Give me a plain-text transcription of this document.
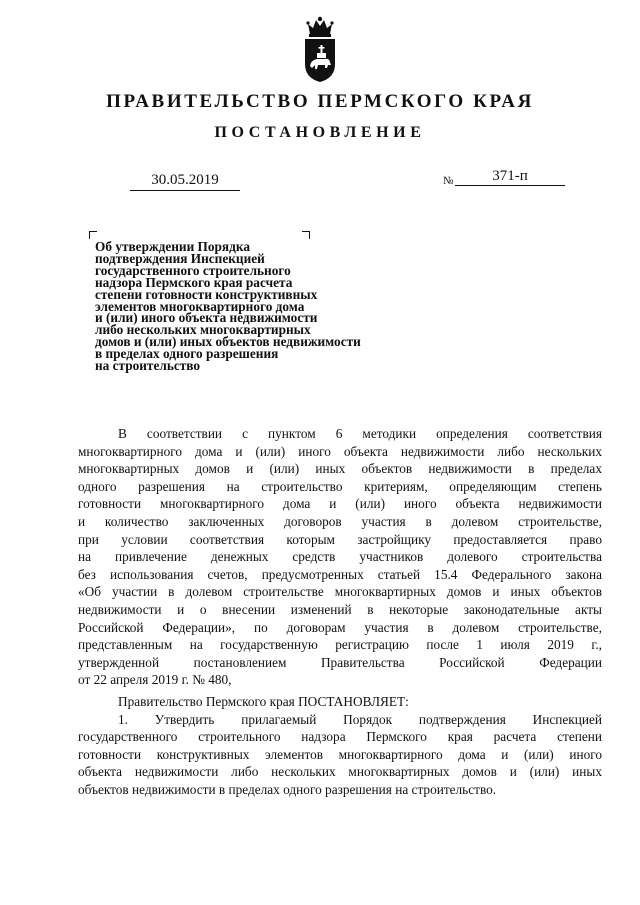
ПРАВИТЕЛЬСТВО ПЕРМСКОГО КРАЯ
ПОСТАНОВЛЕНИЕ
30.05.2019	№	371-п
Об утверждении Порядка
подтверждения Инспекцией
государственного строительного
надзора Пермского края расчета
степени готовности конструктивных
элементов многоквартирного дома
и (или) иного объекта недвижимости
либо нескольких многоквартирных
домов и (или) иных объектов недвижимости
в пределах одного разрешения
на строительство

В соответствии с пунктом 6 методики определения соответствия

многоквартирного дома и (или) иного объекта недвижимости либо нескольких

многоквартирных домов и (или) иных объектов недвижимости в пределах

одного разрешения на строительство критериям, определяющим степень

готовности многоквартирного дома и (или) иного объекта недвижимости

и количество заключенных договоров участия в долевом строительстве,

при условии соответствия которым застройщику предоставляется право

на привлечение денежных средств участников долевого строительства

без использования счетов, предусмотренных статьей 15.4 Федерального закона

«Об участии в долевом строительстве многоквартирных домов и иных объектов

недвижимости и о внесении изменений в некоторые законодательные акты

Российской Федерации», по договорам участия в долевом строительстве,

представленным на государственную регистрацию после 1 июля 2019 г.,

утвержденной постановлением Правительства Российской Федерации

от 22 апреля 2019 г. № 480,

Правительство Пермского края ПОСТАНОВЛЯЕТ:

1. Утвердить прилагаемый Порядок подтверждения Инспекцией

государственного строительного надзора Пермского края расчета степени

готовности конструктивных элементов многоквартирного дома и (или) иного

объекта недвижимости либо нескольких многоквартирных домов и (или) иных

объектов недвижимости в пределах одного разрешения на строительство.
